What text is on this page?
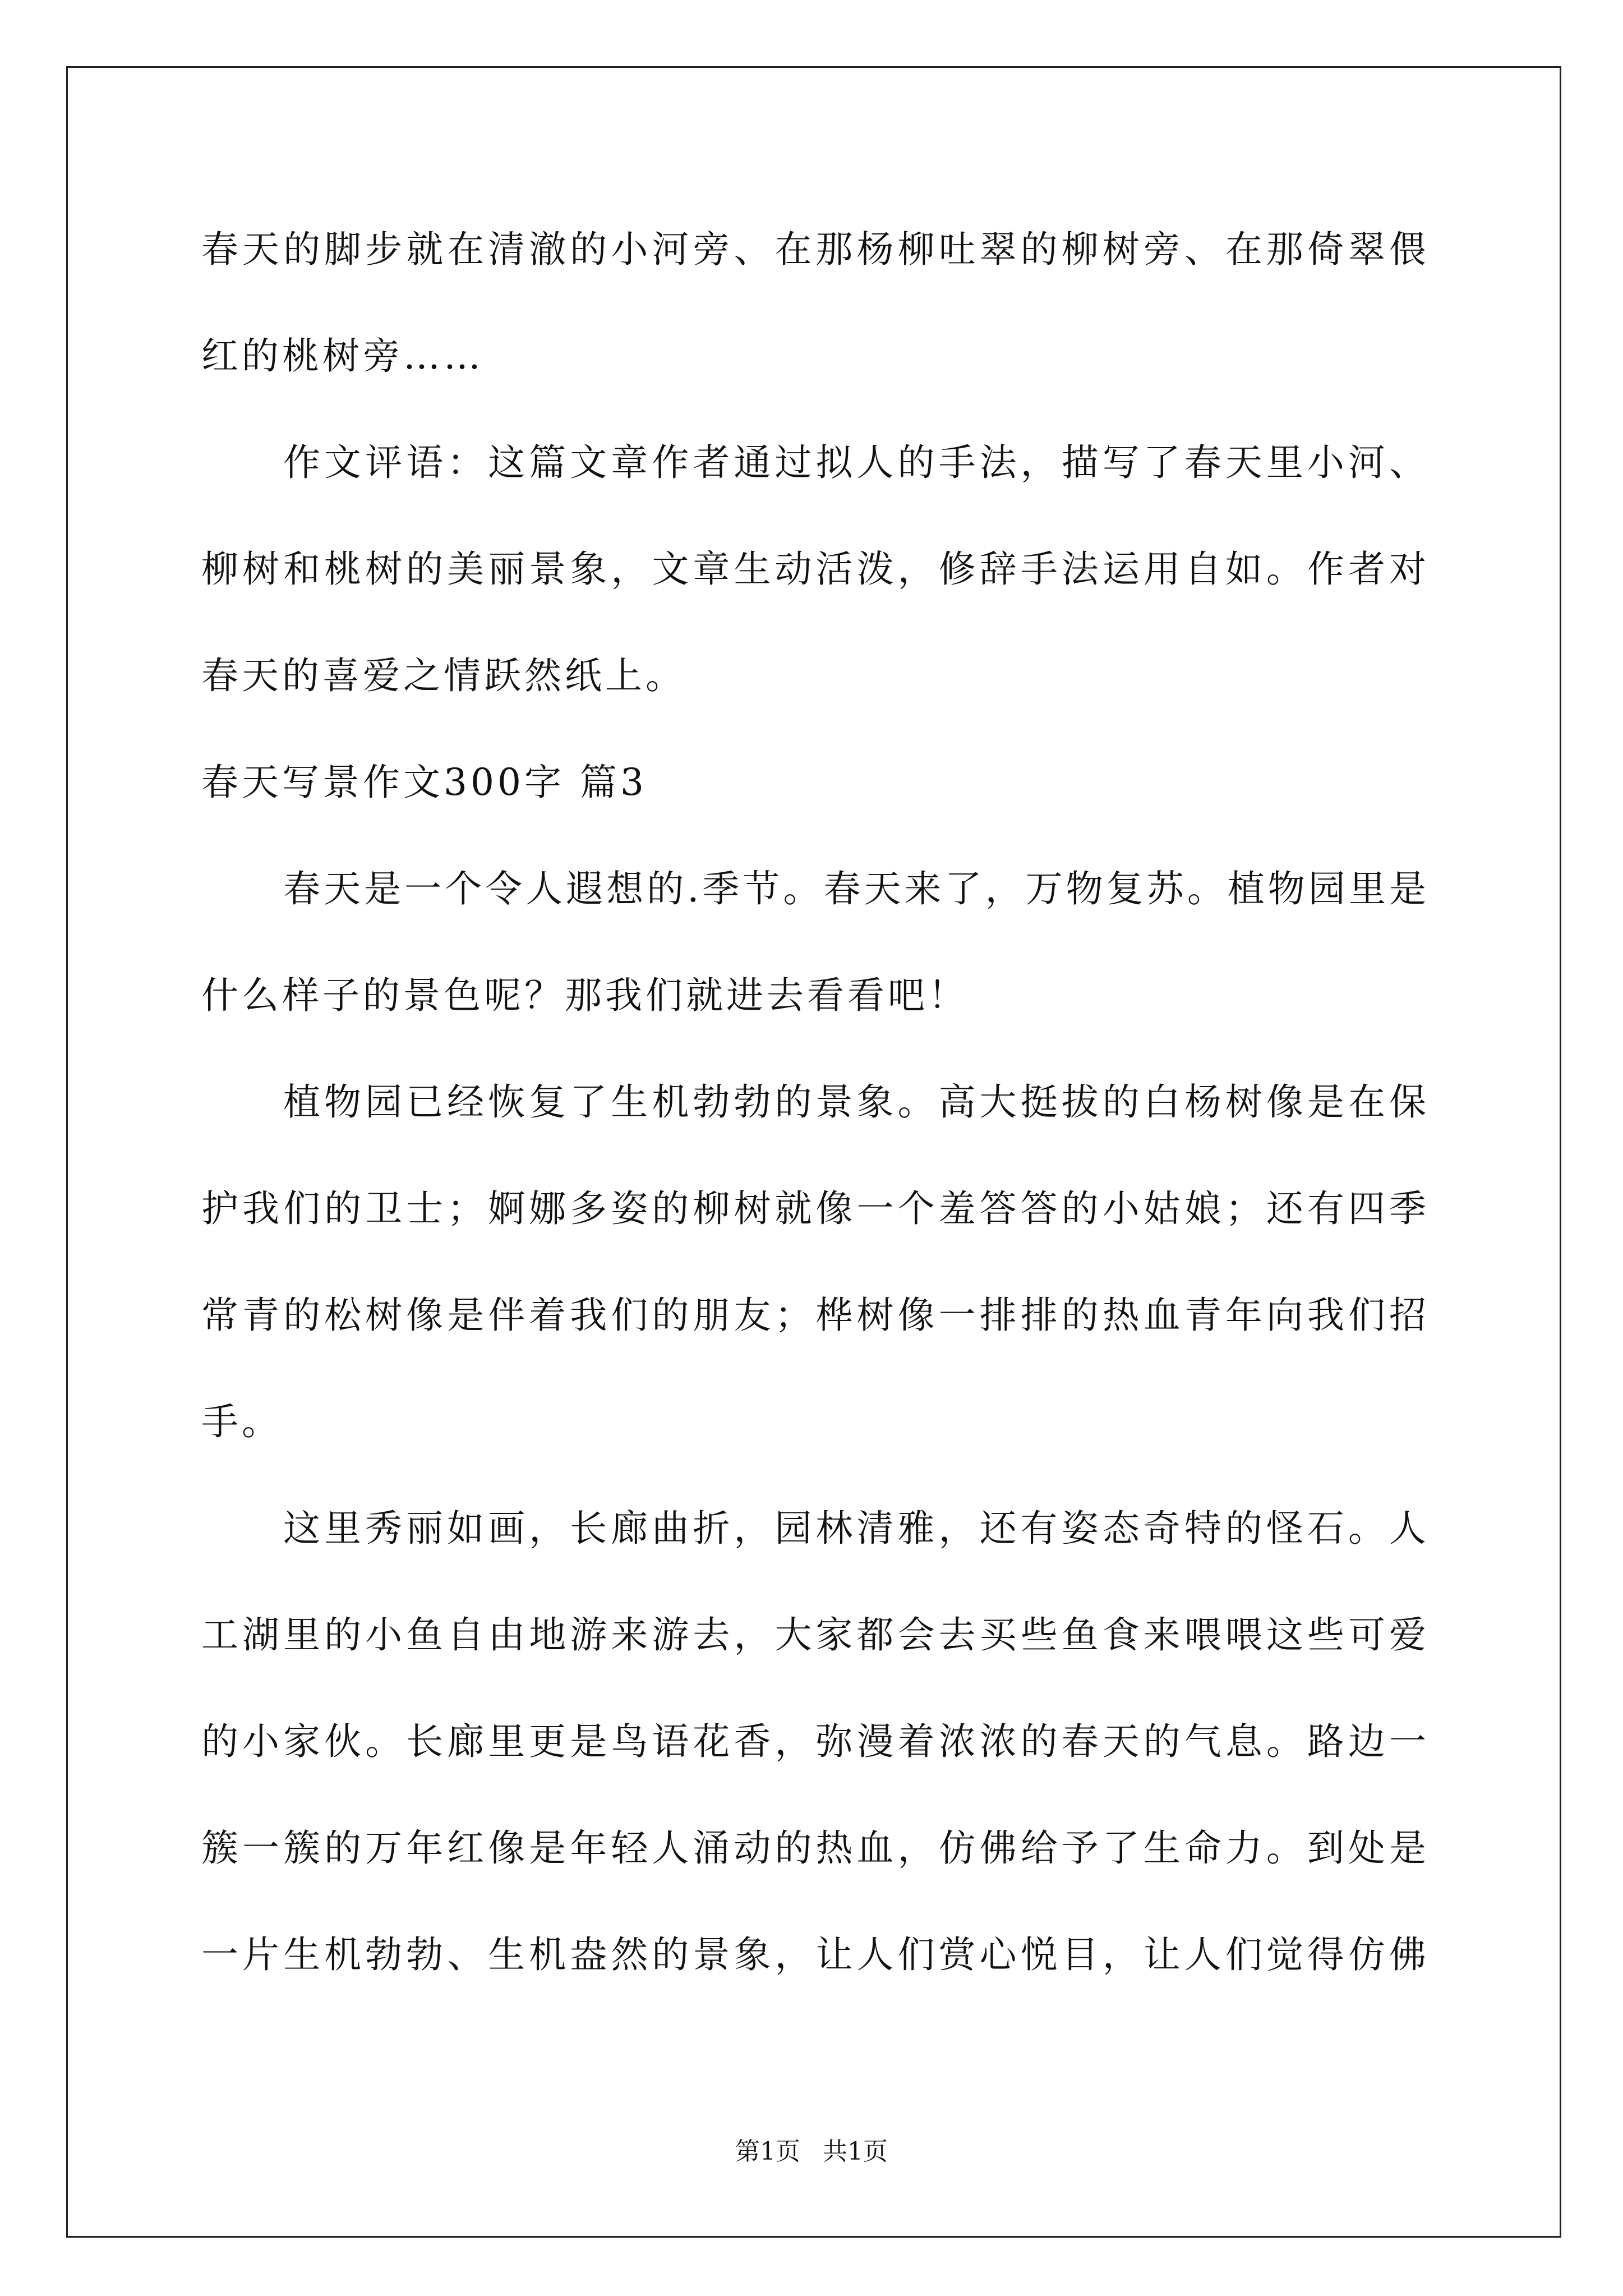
春天的脚步就在清澈的小河旁、在那杨柳吐翠的柳树旁、在那倚翠偎
红的桃树旁……
作文评语：这篇文章作者通过拟人的手法，描写了春天里小河、
柳树和桃树的美丽景象，文章生动活泼，修辞手法运用自如。作者对
春天的喜爱之情跃然纸上。
春天写景作文300字 篇3
春天是一个令人遐想的.季节。春天来了，万物复苏。植物园里是
什么样子的景色呢？那我们就进去看看吧！
植物园已经恢复了生机勃勃的景象。高大挺拔的白杨树像是在保
护我们的卫士；婀娜多姿的柳树就像一个羞答答的小姑娘；还有四季
常青的松树像是伴着我们的朋友；桦树像一排排的热血青年向我们招
手。
这里秀丽如画，长廊曲折，园林清雅，还有姿态奇特的怪石。人
工湖里的小鱼自由地游来游去，大家都会去买些鱼食来喂喂这些可爱
的小家伙。长廊里更是鸟语花香，弥漫着浓浓的春天的气息。路边一
簇一簇的万年红像是年轻人涌动的热血，仿佛给予了生命力。到处是
一片生机勃勃、生机盎然的景象，让人们赏心悦目，让人们觉得仿佛
第1页 共1页
